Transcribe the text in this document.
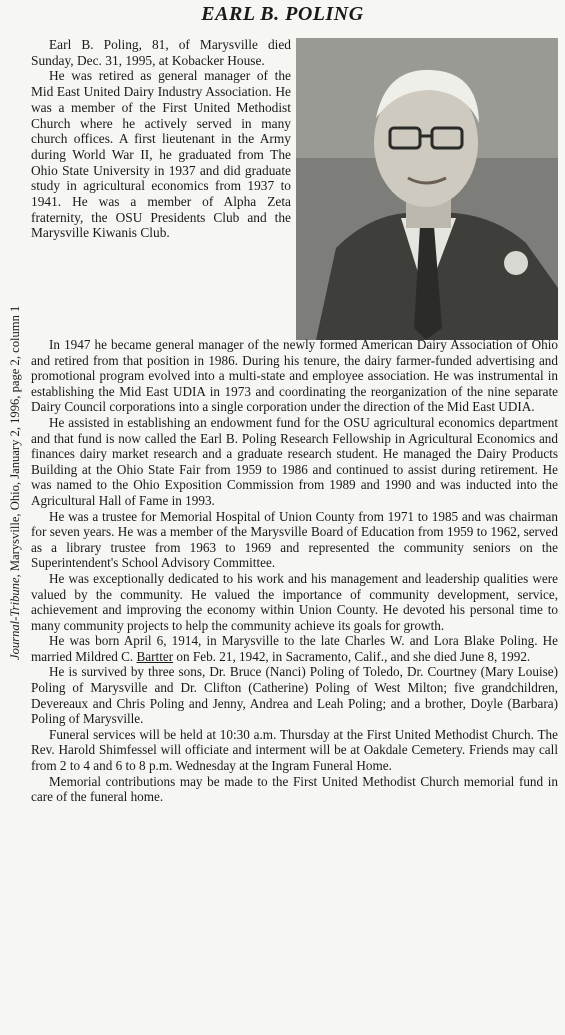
EARL B. POLING
Journal-Tribune, Marysville, Ohio, January 2, 1996, page 2, column 1

Earl B. Poling, 81, of Marysville died Sunday, Dec. 31, 1995, at Kobacker House.

He was retired as general manager of the Mid East United Dairy Industry Association. He was a member of the First United Methodist Church where he actively served in many church offices. A first lieutenant in the Army during World War II, he graduated from The Ohio State University in 1937 and did graduate study in agricultural economics from 1937 to 1941. He was a member of Alpha Zeta fraternity, the OSU Presidents Club and the Marysville Kiwanis Club.

In 1947 he became general manager of the newly formed American Dairy Association of Ohio and retired from that position in 1986. During his tenure, the dairy farmer-funded advertising and promotional program evolved into a multi-state and employee association. He was instrumental in establishing the Mid East UDIA in 1973 and coordinating the reorganization of the nine separate Dairy Council corporations into a single corporation under the direction of the Mid East UDIA.

He assisted in establishing an endowment fund for the OSU agricultural economics department and that fund is now called the Earl B. Poling Research Fellowship in Agricultural Economics and finances dairy market research and a graduate research student. He managed the Dairy Products Building at the Ohio State Fair from 1959 to 1986 and continued to assist during retirement. He was named to the Ohio Exposition Commission from 1989 and 1990 and was inducted into the Agricultural Hall of Fame in 1993.

He was a trustee for Memorial Hospital of Union County from 1971 to 1985 and was chairman for seven years. He was a member of the Marysville Board of Education from 1959 to 1962, served as a library trustee from 1963 to 1969 and represented the community seniors on the Superintendent's School Advisory Committee.

He was exceptionally dedicated to his work and his management and leadership qualities were valued by the community. He valued the importance of community development, service, achievement and improving the economy within Union County. He devoted his personal time to many community projects to help the community achieve its goals for growth.

He was born April 6, 1914, in Marysville to the late Charles W. and Lora Blake Poling. He married Mildred C. Bartter on Feb. 21, 1942, in Sacramento, Calif., and she died June 8, 1992.

He is survived by three sons, Dr. Bruce (Nanci) Poling of Toledo, Dr. Courtney (Mary Louise) Poling of Marysville and Dr. Clifton (Catherine) Poling of West Milton; five grandchildren, Devereaux and Chris Poling and Jenny, Andrea and Leah Poling; and a brother, Doyle (Barbara) Poling of Marysville.

Funeral services will be held at 10:30 a.m. Thursday at the First United Methodist Church. The Rev. Harold Shimfessel will officiate and interment will be at Oakdale Cemetery. Friends may call from 2 to 4 and 6 to 8 p.m. Wednesday at the Ingram Funeral Home.

Memorial contributions may be made to the First United Methodist Church memorial fund in care of the funeral home.
